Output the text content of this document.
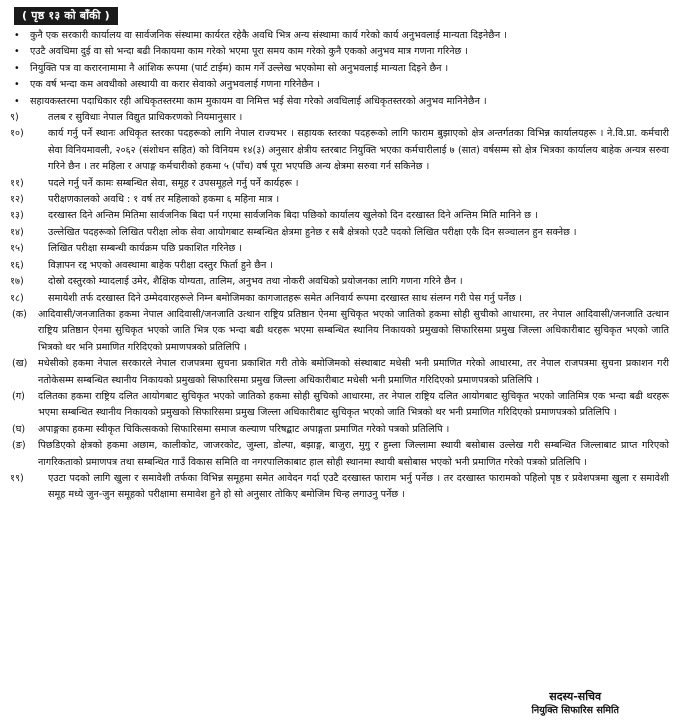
( पृष्ठ १३ को बाँकी )
• कुनै एक सरकारी कार्यालय वा सार्वजनिक संस्थामा कार्यरत रहेकै अवधि भित्र अन्य संस्थामा कार्य गरेको कार्य अनुभवलाई मान्यता दिइनेछैन ।
• एउटै अवधिमा दुई वा सो भन्दा बढी निकायमा काम गरेको भएमा पूरा समय काम गरेको कुनै एकको अनुभव मात्र गणना गरिनेछ ।
• नियुक्ति पत्र वा करारनामामा नै आंशिक रूपमा (पार्ट टाईम) काम गर्ने उल्लेख भएकोमा सो अनुभवलाई मान्यता दिइने छैन ।
• एक वर्ष भन्दा कम अवधीको अस्थायी वा करार सेवाको अनुभवलाई गणना गरिनेछैन ।
• सहायकस्तरमा पदाधिकार रही अधिकृतस्तरमा काम मुकायम वा निमित्त भई सेवा गरेको अवधिलाई अधिकृतस्तरको अनुभव मानिनेछैन ।
९)	तलब र सुविधाः नेपाल विद्युत प्राधिकरणको नियमानुसार ।
१०)	कार्य गर्नु पर्ने स्थानः अधिकृत स्तरका पदहरूको लागि नेपाल राज्यभर । सहायक स्तरका पदहरूको लागि फाराम बुझाएको क्षेत्र अन्तर्गतका विभिन्न कार्यालयहरू । ने.वि.प्रा. कर्मचारी सेवा विनियमावली, २०६२ (संशोधन सहित) को विनियम १४(३) अनुसार क्षेत्रीय स्तरबाट नियुक्ति भएका कर्मचारीलाई ७ (सात) वर्षसम्म सो क्षेत्र भित्रका कार्यालय बाहेक अन्यत्र सरुवा गरिने छैन । तर महिला र अपाङ्ग कर्मचारीको हकमा ५ (पाँच) वर्ष पूरा भएपछि अन्य क्षेत्रमा सरुवा गर्न सकिनेछ ।
११)	पदले गर्नु पर्ने कामः सम्बन्धित सेवा, समूह र उपसमूहले गर्नु पर्ने कार्यहरू ।
१२)	परीक्षणकालको अवधि : १ वर्ष तर महिलाको हकमा ६ महिना मात्र ।
१३)	दरखास्त दिने अन्तिम मितिमा सार्वजनिक बिदा पर्न गएमा सार्वजनिक बिदा पछिको कार्यालय खुलेको दिन दरखास्त दिने अन्तिम मिति मानिने छ ।
१४)	उल्लेखित पदहरूको लिखित परीक्षा लोक सेवा आयोगबाट सम्बन्धित क्षेत्रमा हुनेछ र सबै क्षेत्रको एउटै पदको लिखित परीक्षा एकै दिन सञ्चालन हुन सक्नेछ ।
१५)	लिखित परीक्षा सम्बन्धी कार्यक्रम पछि प्रकाशित गरिनेछ ।
१६)	विज्ञापन रद्द भएको अवस्थामा बाहेक परीक्षा दस्तुर फिर्ता हुने छैन ।
१७)	दोस्रो दस्तुरको म्यादलाई उमेर, शैक्षिक योग्यता, तालिम, अनुभव तथा नोकरी अवधिको प्रयोजनका लागि गणना गरिने छैन ।
१८)	समायेशी तर्फ दरखास्त दिने उम्मेदवारहरूले निम्न बमोजिमका कागजातहरू समेत अनिवार्य रूपमा दरखास्त साथ संलग्न गरी पेस गर्नु पर्नेछ ।
(क)	आदिवासी/जनजातिका हकमा नेपाल आदिवासी/जनजाति उत्थान राष्ट्रिय प्रतिष्ठान ऐनमा सुचिकृत भएको जातिको हकमा सोही सुचीको आधारमा, तर नेपाल आदिवासी/जनजाति उत्थान राष्ट्रिय प्रतिष्ठान ऐनमा सुचिकृत भएको जाति भित्र एक भन्दा बढी थरहरू भएमा सम्बन्धित स्थानिय निकायको प्रमुखको सिफारिसमा प्रमुख जिल्ला अधिकारीबाट सुचिकृत भएको जाति भित्रको थर भनि प्रमाणित गरिदिएको प्रमाणपत्रको प्रतिलिपि ।
(ख)	मधेसीको हकमा नेपाल सरकारले नेपाल राजपत्रमा सुचना प्रकाशित गरी तोके बमोजिमको संस्थाबाट मधेसी भनी प्रमाणित गरेको आधारमा, तर नेपाल राजपत्रमा सुचना प्रकाशन गरी नतोकेसम्म सम्बन्धित स्थानीय निकायको प्रमुखको सिफारिसमा प्रमुख जिल्ला अधिकारीबाट मधेसी भनी प्रमाणित गरिदिएको प्रमाणपत्रको प्रतिलिपि ।
(ग)	दलितका हकमा राष्ट्रिय दलित आयोगबाट सुचिकृत भएको जातिको हकमा सोही सुचिको आधारमा, तर नेपाल राष्ट्रिय दलित आयोगबाट सुचिकृत भएको जातिमित्र एक भन्दा बढी थरहरू भएमा सम्बन्धित स्थानीय निकायको प्रमुखको सिफारिसमा प्रमुख जिल्ला अधिकारीबाट सुचिकृत भएको जाति भित्रको थर भनी प्रमाणित गरिदिएको प्रमाणपत्रको प्रतिलिपि ।
(घ)	अपाङ्गका हकमा स्वीकृत चिकित्सकको सिफारिसमा समाज कल्याण परिषद्बाट अपाङ्गता प्रमाणित गरेको पत्रको प्रतिलिपि ।
(ङ)	पिछडिएको क्षेत्रको हकमा अछाम, कालीकोट, जाजरकोट, जुम्ला, डोल्पा, बझाङ्ग, बाजुरा, मुगु र हुम्ला जिल्लामा स्थायी बसोबास उल्लेख गरी सम्बन्धित जिल्लाबाट प्राप्त गरिएको नागरिकताको प्रमाणपत्र तथा सम्बन्धित गाउँ विकास समिति वा नगरपालिकाबाट हाल सोही स्थानमा स्थायी बसोबास भएको भनी प्रमाणित गरेको पत्रको प्रतिलिपि ।
१९)	एउटा पदको लागि खुला र समावेशी तर्फका विभिन्न समूहमा समेत आवेदन गर्दा एउटै दरखास्त फाराम भर्नु पर्नेछ । तर दरखास्त फारामको पहिलो पृष्ठ र प्रवेशपत्रमा खुला र समावेशी समूह मध्ये जुन-जुन समूहको परीक्षामा समावेश हुने हो सो अनुसार तोकिए बमोजिम चिन्ह लगाउनु पर्नेछ ।
सदस्य-सचिव
नियुक्ति सिफारिस समिति
